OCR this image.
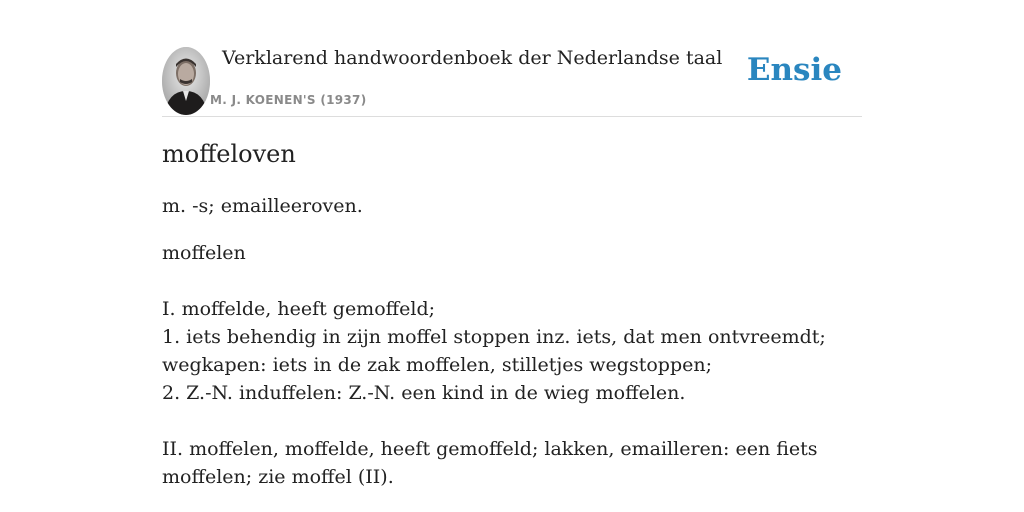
Verklarend handwoordenboek der Nederlandse taal
M. J. KOENEN'S (1937)
Ensie
moffeloven
m. -s; emailleeroven.
moffelen
I. moffelde, heeft gemoffeld;
1. iets behendig in zijn moffel stoppen inz. iets, dat men ontvreemdt; wegkapen: iets in de zak moffelen, stilletjes wegstoppen;
2. Z.-N. induffelen: Z.-N. een kind in de wieg moffelen.
II. moffelen, moffelde, heeft gemoffeld; lakken, emailleren: een fiets moffelen; zie moffel (II).
